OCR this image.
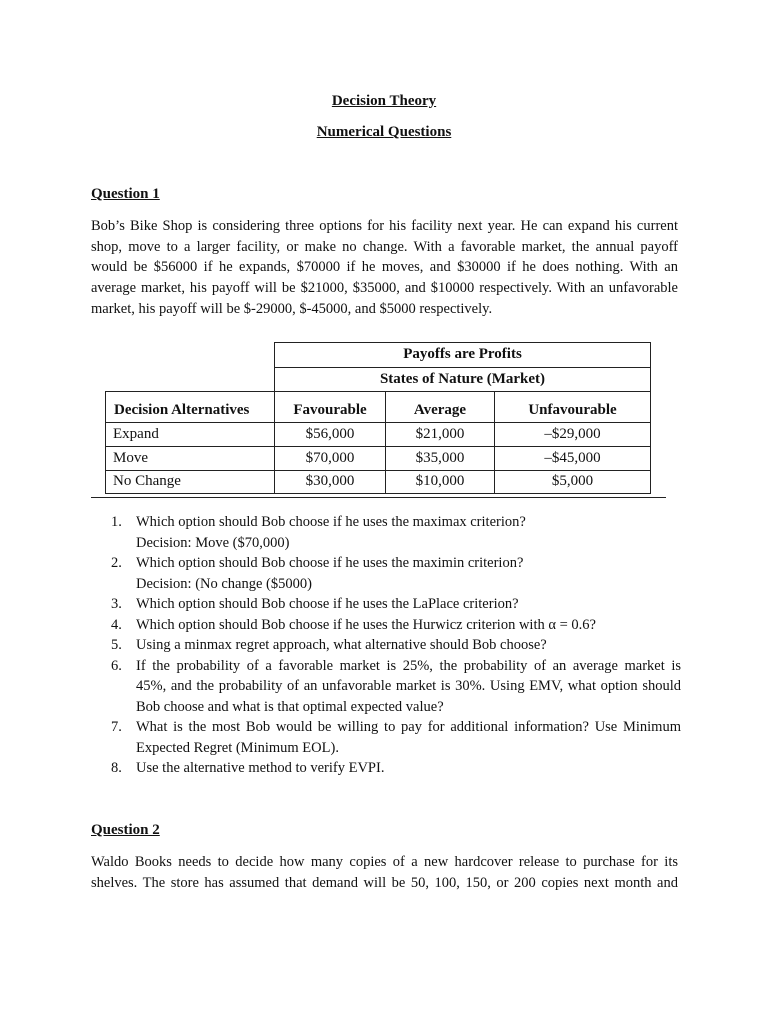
Decision Theory
Numerical Questions
Question 1
Bob’s Bike Shop is considering three options for his facility next year. He can expand his current
shop, move to a larger facility, or make no change. With a favorable market, the annual payoff
would be $56000 if he expands, $70000 if he moves, and $30000 if he does nothing. With an
average market, his payoff will be $21000, $35000, and $10000 respectively. With an unfavorable
market, his payoff will be $-29000, $-45000, and $5000 respectively.
Payoffs are Profits
States of Nature (Market)
Decision Alternatives	Favourable	Average	Unfavourable
Expand	$56,000	$21,000	–$29,000
Move	$70,000	$35,000	–$45,000
No Change	$30,000	$10,000	$5,000
1. Which option should Bob choose if he uses the maximax criterion?
Decision: Move ($70,000)
2. Which option should Bob choose if he uses the maximin criterion?
Decision: (No change ($5000)
3. Which option should Bob choose if he uses the LaPlace criterion?
4. Which option should Bob choose if he uses the Hurwicz criterion with α = 0.6?
5. Using a minmax regret approach, what alternative should Bob choose?
6. If the probability of a favorable market is 25%, the probability of an average market is
45%, and the probability of an unfavorable market is 30%. Using EMV, what option should
Bob choose and what is that optimal expected value?
7. What is the most Bob would be willing to pay for additional information? Use Minimum
Expected Regret (Minimum EOL).
8. Use the alternative method to verify EVPI.
Question 2
Waldo Books needs to decide how many copies of a new hardcover release to purchase for its
shelves. The store has assumed that demand will be 50, 100, 150, or 200 copies next month and
